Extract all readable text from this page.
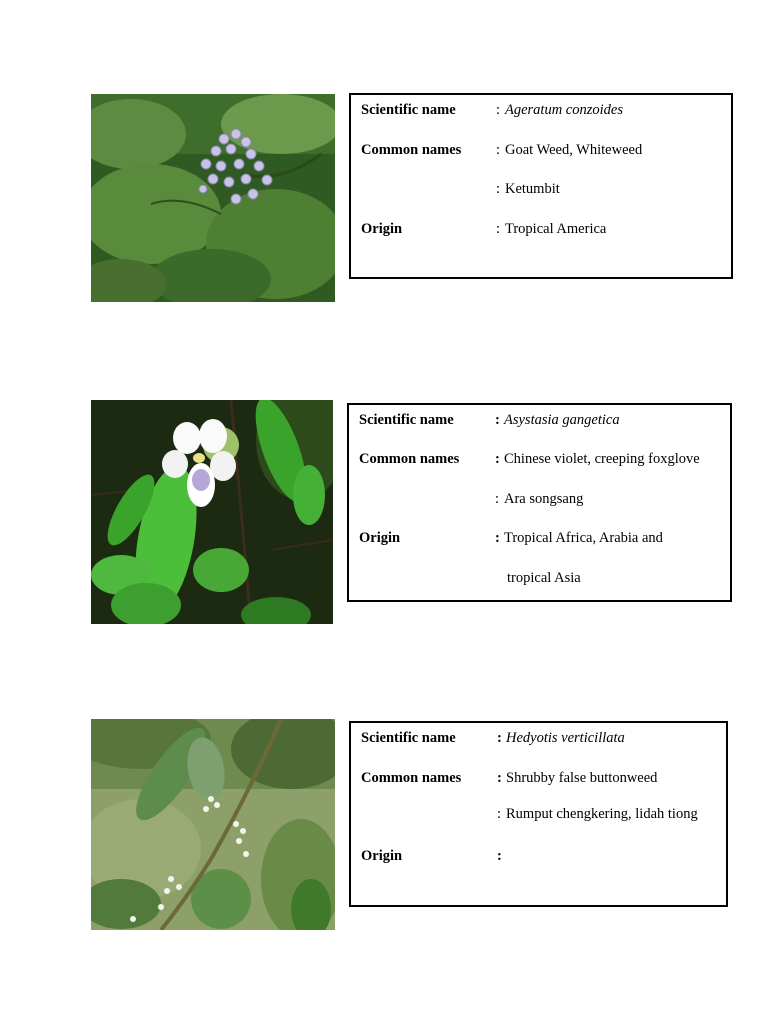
Scientific name	: Ageratum conzoides
Common names : Goat Weed, Whiteweed
: Ketumbit
Origin	: Tropical America
Scientific name	: Asystasia gangetica
Common names : Chinese violet, creeping foxglove
: Ara songsang
Origin	: Tropical Africa, Arabia and
tropical Asia
Scientific name	: Hedyotis verticillata
Common names : Shrubby false buttonweed
: Rumput chengkering, lidah tiong
Origin	:
